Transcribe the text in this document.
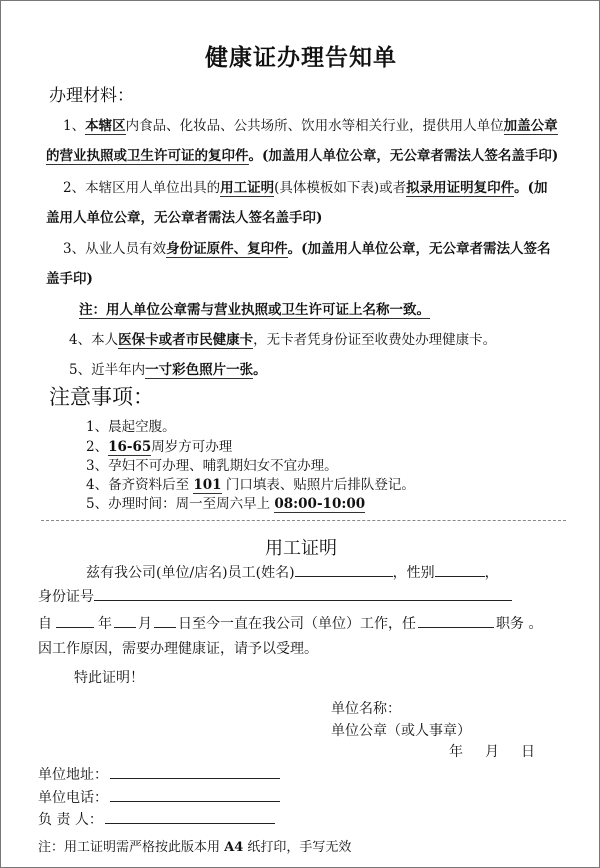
健康证办理告知单
办理材料：
1、本辖区内食品、化妆品、公共场所、饮用水等相关行业，提供用人单位加盖公章
的营业执照或卫生许可证的复印件。(加盖用人单位公章，无公章者需法人签名盖手印)
2、本辖区用人单位出具的用工证明(具体模板如下表)或者拟录用证明复印件。(加
盖用人单位公章，无公章者需法人签名盖手印)
3、从业人员有效身份证原件、复印件。(加盖用人单位公章，无公章者需法人签名
盖手印)
注：用人单位公章需与营业执照或卫生许可证上名称一致。
4、本人医保卡或者市民健康卡，无卡者凭身份证至收费处办理健康卡。
5、近半年内一寸彩色照片一张。
注意事项：
1、晨起空腹。
2、16-65周岁方可办理
3、孕妇不可办理、哺乳期妇女不宜办理。
4、备齐资料后至 101 门口填表、贴照片后排队登记。
5、办理时间：周一至周六早上 08:00-10:00
用工证明
兹有我公司(单位/店名)员工(姓名)	，性别	，
身份证号
自	年 月 日至今一直在我公司（单位）工作，任	职务 。
因工作原因，需要办理健康证，请予以受理。
特此证明！
单位名称：
单位公章（或人事章）
年 月 日
单位地址：
单位电话：
负 责 人：
注：用工证明需严格按此版本用 A4 纸打印，手写无效
